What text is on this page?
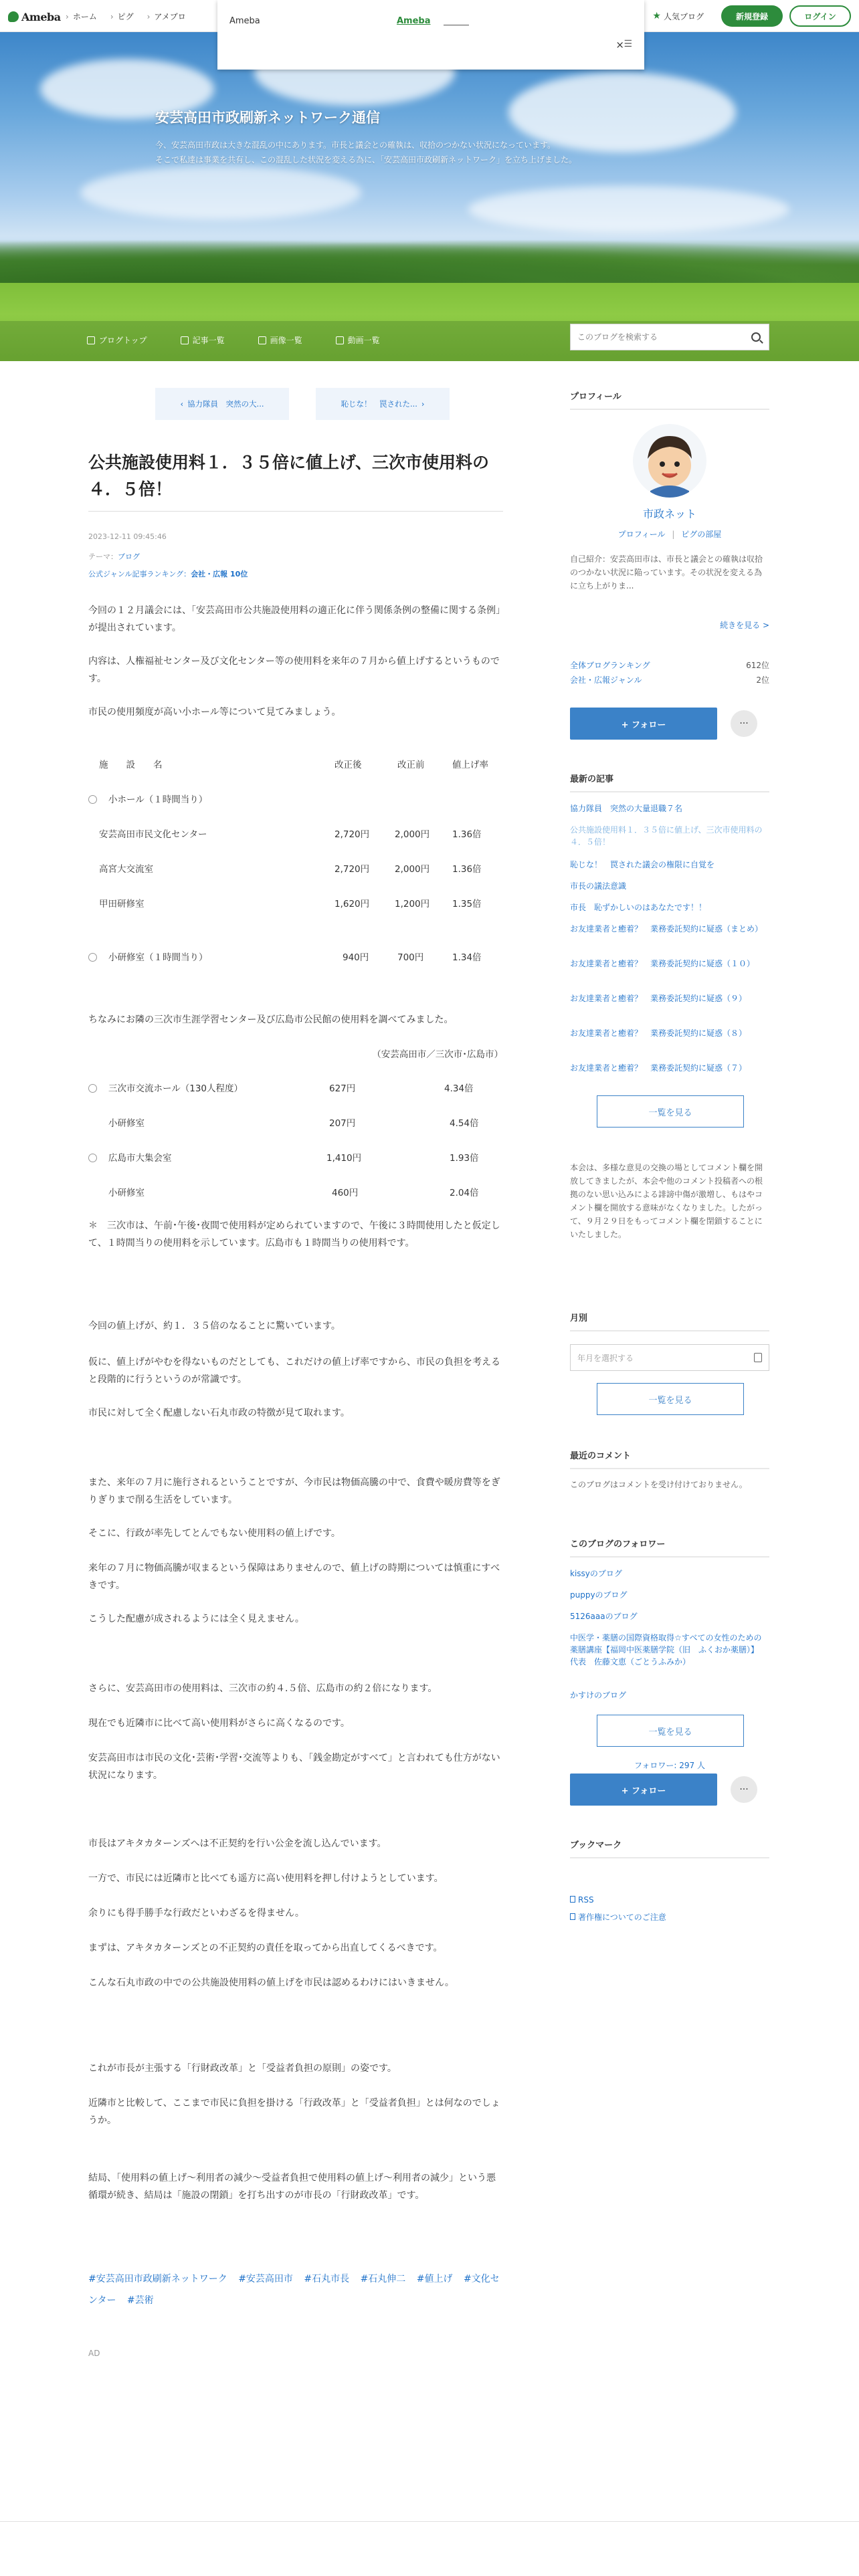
Ameba	› ホーム	› ピグ	› アメブロ	★ 人気ブログ	新規登録	ログイン
Ameba	Ameba
× ☰
安芸高田市政刷新ネットワーク通信
今、安芸高田市政は大きな混乱の中にあります。市長と議会との確執は、収拾のつかない状況になっています。
そこで私達は事業を共有し、この混乱した状況を変える為に、「安芸高田市政刷新ネットワーク」を立ち上げました。
ブログトップ	記事一覧	画像一覧	動画一覧
このブログを検索する
‹ 協力隊員　突然の大...	恥じな！　罠された... ›
公共施設使用料１．３５倍に値上げ、三次市使用料の４．５倍！
2023-12-11 09:45:46
テーマ：ブログ
公式ジャンル記事ランキング：会社・広報 10位

今回の１２月議会には、「安芸高田市公共施設使用料の適正化に伴う関係条例の整備に関する条例」が提出されています。

内容は、人権福祉センター及び文化センター等の使用料を来年の７月から値上げするというものです。

市民の使用頻度が高い小ホール等について見てみましょう。

施　　設　　名	改正後	改正前	値上げ率
小ホール（１時間当り）
安芸高田市民文化センター	2,720円	2,000円	1.36倍
高宮大交流室	2,720円	2,000円	1.36倍
甲田研修室	1,620円	1,200円	1.35倍
小研修室（１時間当り）	940円	700円	1.34倍

ちなみにお隣の三次市生涯学習センター及び広島市公民館の使用料を調べてみました。

（安芸高田市／三次市･広島市）
三次市交流ホール（130人程度）	627円	4.34倍
小研修室	207円	4.54倍
広島市大集会室	1,410円	1.93倍
小研修室	460円	2.04倍

＊　三次市は、午前･午後･夜間で使用料が定められていますので、午後に３時間使用したと仮定して、１時間当りの使用料を示しています。広島市も１時間当りの使用料です。

今回の値上げが、約１．３５倍のなることに驚いています。

仮に、値上げがやむを得ないものだとしても、これだけの値上げ率ですから、市民の負担を考えると段階的に行うというのが常識です。

市民に対して全く配慮しない石丸市政の特徴が見て取れます。

また、来年の７月に施行されるということですが、今市民は物価高騰の中で、食費や暖房費等をぎりぎりまで削る生活をしています。

そこに、行政が率先してとんでもない使用料の値上げです。

来年の７月に物価高騰が収まるという保障はありませんので、値上げの時期については慎重にすべきです。

こうした配慮が成されるようには全く見えません。

さらに、安芸高田市の使用料は、三次市の約４.５倍、広島市の約２倍になります。

現在でも近隣市に比べて高い使用料がさらに高くなるのです。

安芸高田市は市民の文化･芸術･学習･交流等よりも、「銭金勘定がすべて」と言われても仕方がない状況になります。

市長はアキタカターンズへは不正契約を行い公金を流し込んでいます。

一方で、市民には近隣市と比べても遥方に高い使用料を押し付けようとしています。

余りにも得手勝手な行政だといわざるを得ません。

まずは、アキタカターンズとの不正契約の責任を取ってから出直してくるべきです。

こんな石丸市政の中での公共施設使用料の値上げを市民は認めるわけにはいきません。

これが市長が主張する「行財政改革」と「受益者負担の原則」の姿です。

近隣市と比較して、ここまで市民に負担を掛ける「行政改革」と「受益者負担」とは何なのでしょうか。

結局、「使用料の値上げ～利用者の減少～受益者負担で使用料の値上げ～利用者の減少」という悪循環が続き、結局は「施設の閉鎖」を打ち出すのが市長の「行財政改革」です。

#安芸高田市政刷新ネットワーク #安芸高田市 #石丸市長 #石丸伸二 #値上げ #文化センター #芸術
AD
プロフィール
市政ネット
プロフィール | ピグの部屋
自己紹介：安芸高田市は、市長と議会との確執は収拾のつかない状況に陥っています。その状況を変える為に立ち上がりま...
続きを見る >
全体ブログランキング	612位
会社・広報ジャンル	2位
+ フォロー	···
最新の記事
協力隊員　突然の大量退職７名
公共施設使用料１．３５倍に値上げ、三次市使用料の４．５倍！
恥じな！　罠された議会の権限に自覚を
市長の議法意識
市長　恥ずかしいのはあなたです！！
お友達業者と癒着？　業務委託契約に疑惑（まとめ）
お友達業者と癒着？　業務委託契約に疑惑（１０）
お友達業者と癒着？　業務委託契約に疑惑（９）
お友達業者と癒着？　業務委託契約に疑惑（８）
お友達業者と癒着？　業務委託契約に疑惑（７）
一覧を見る
本会は、多様な意見の交換の場としてコメント欄を開放してきましたが、本会や他のコメント投稿者への根拠のない思い込みによる誹謗中傷が激増し、もはやコメント欄を開放する意味がなくなりました。したがって、９月２９日をもってコメント欄を閉鎖することにいたしました。
月別
年月を選択する
一覧を見る
最近のコメント
このブログはコメントを受け付けておりません。
このブログのフォロワー
kissyのブログ
puppyのブログ
5126aaaのブログ
中医学・薬膳の国際資格取得☆すべての女性のための薬膳講座【福岡中医薬膳学院（旧　ふくおか薬膳）】　代表　佐藤文恵（ごとうふみか）
かすけのブログ
一覧を見る
フォロワー: 297 人
+ フォロー	···
ブックマーク
RSS
著作権についてのご注意
